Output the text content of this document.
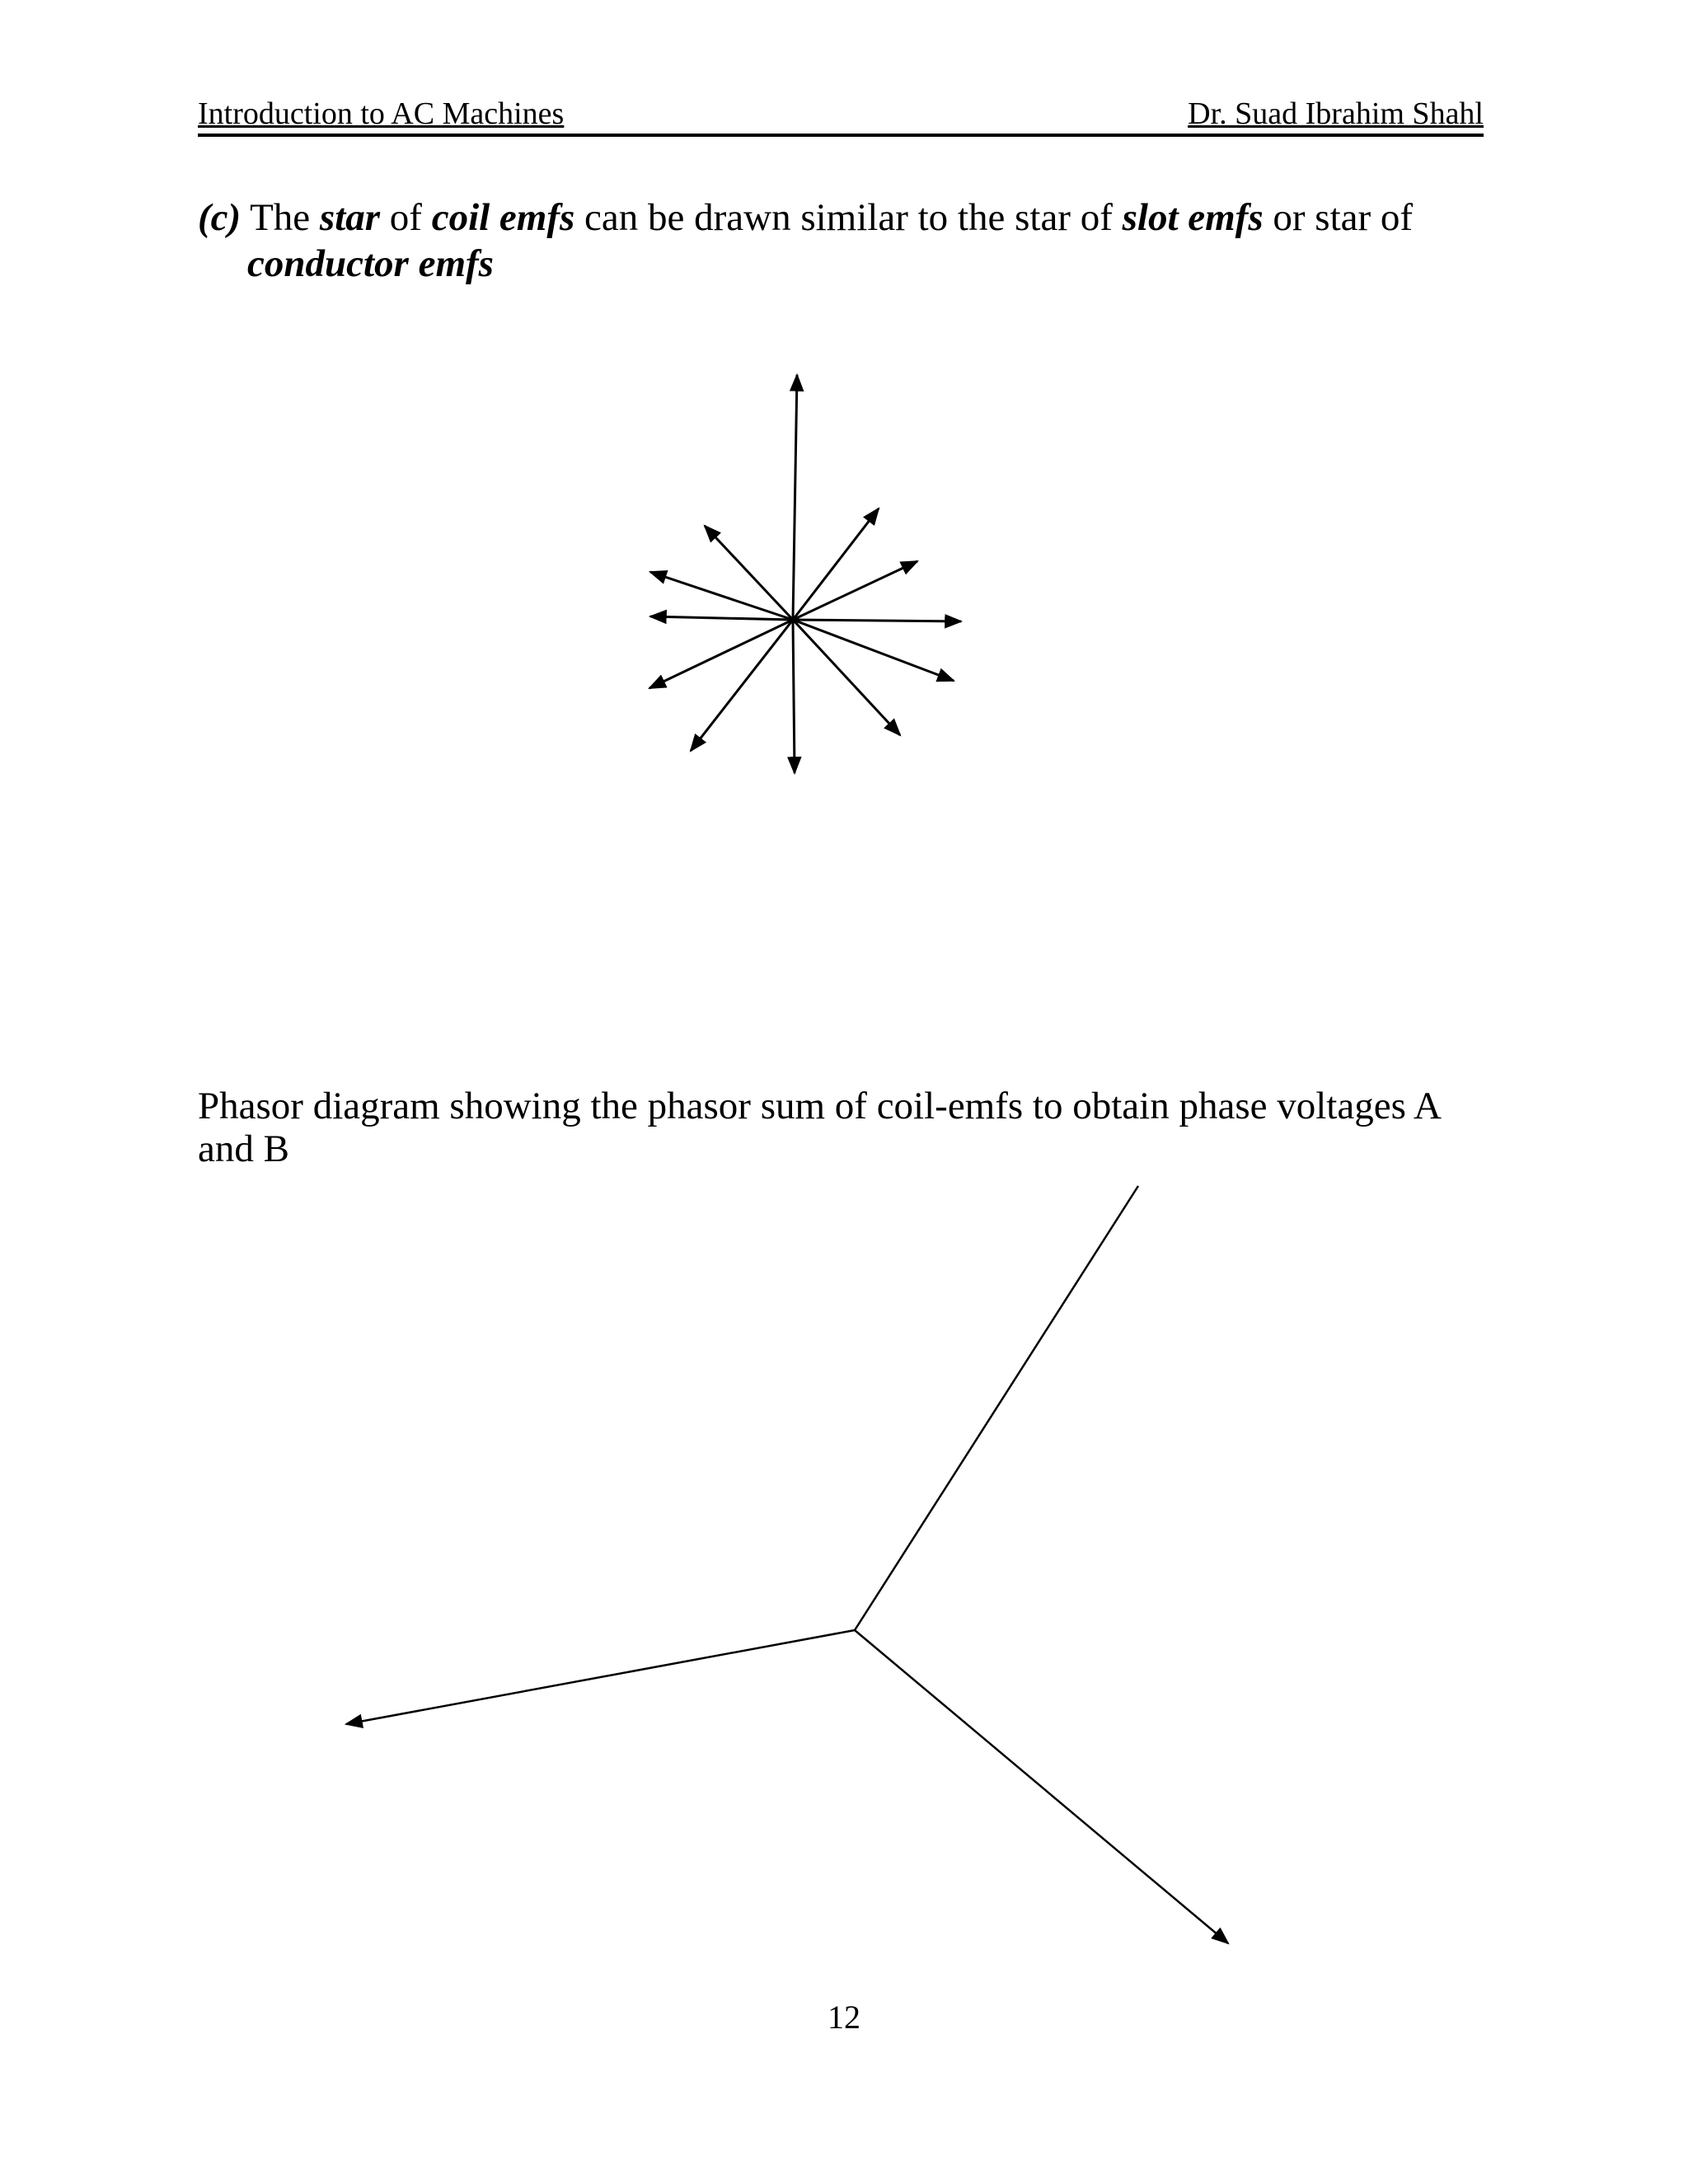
Introduction to AC Machines	Dr. Suad Ibrahim Shahl
(c) The star of coil emfs can be drawn similar to the star of slot emfs or star of
conductor emfs
Phasor diagram showing the phasor sum of coil-emfs to obtain phase voltages A
and B
12
